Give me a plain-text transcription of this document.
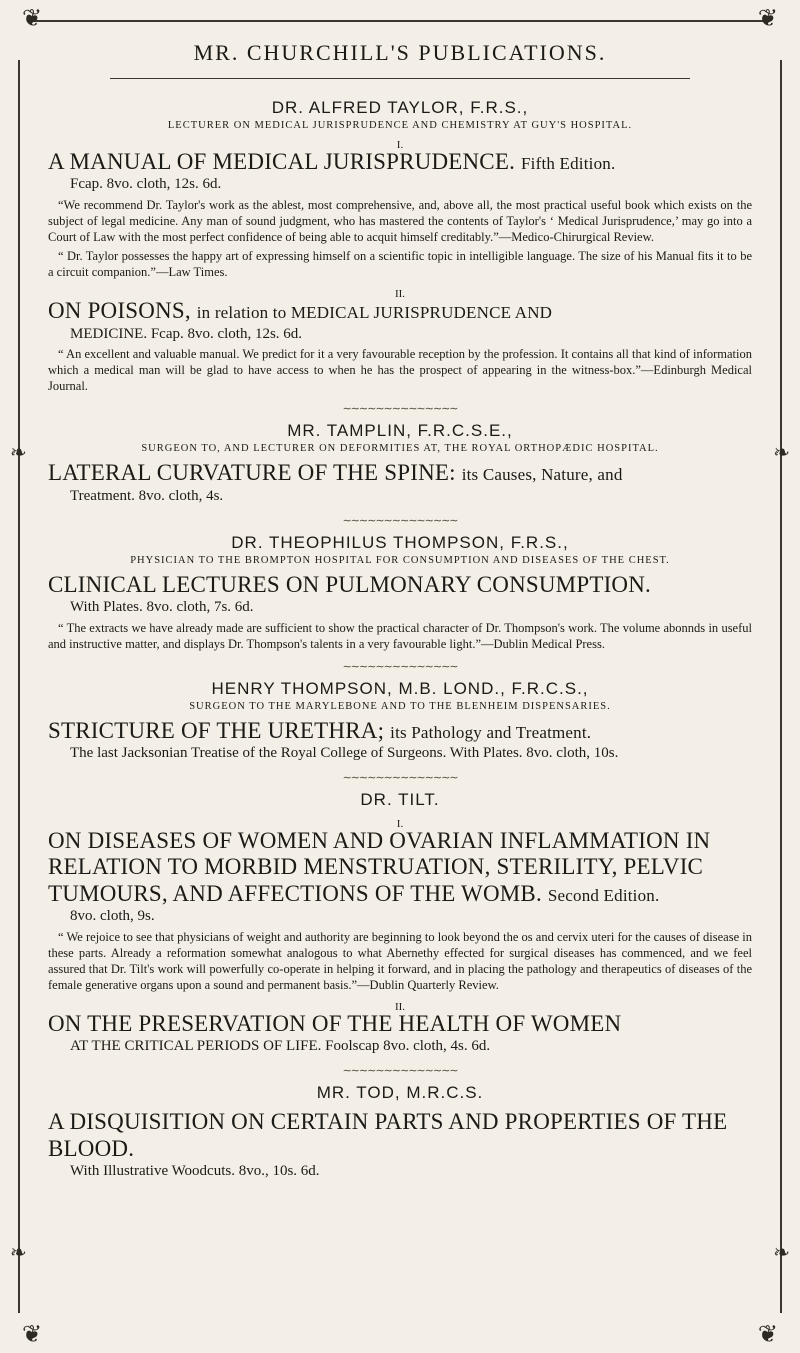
❦	❦
❧	❧
❧	❧
❦	❦
MR. CHURCHILL'S PUBLICATIONS.

DR. ALFRED TAYLOR, F.R.S.,

LECTURER ON MEDICAL JURISPRUDENCE AND CHEMISTRY AT GUY'S HOSPITAL.

I.

A MANUAL OF MEDICAL JURISPRUDENCE. Fifth Edition.

Fcap. 8vo. cloth, 12s. 6d.

“We recommend Dr. Taylor's work as the ablest, most comprehensive, and, above all, the most practical useful book which exists on the subject of legal medicine. Any man of sound judgment, who has mastered the contents of Taylor's ‘ Medical Jurisprudence,’ may go into a Court of Law with the most perfect confidence of being able to acquit himself creditably.”—Medico-Chirurgical Review.

“ Dr. Taylor possesses the happy art of expressing himself on a scientific topic in intelligible language. The size of his Manual fits it to be a circuit companion.”—Law Times.

II.

ON POISONS, in relation to MEDICAL JURISPRUDENCE AND

MEDICINE. Fcap. 8vo. cloth, 12s. 6d.

“ An excellent and valuable manual. We predict for it a very favourable reception by the profession. It contains all that kind of information which a medical man will be glad to have access to when he has the prospect of appearing in the witness-box.”—Edinburgh Medical Journal.

∼∼∼∼∼∼∼∼∼∼∼∼∼∼

MR. TAMPLIN, F.R.C.S.E.,

SURGEON TO, AND LECTURER ON DEFORMITIES AT, THE ROYAL ORTHOPÆDIC HOSPITAL.

LATERAL CURVATURE OF THE SPINE: its Causes, Nature, and

Treatment. 8vo. cloth, 4s.

∼∼∼∼∼∼∼∼∼∼∼∼∼∼

DR. THEOPHILUS THOMPSON, F.R.S.,

PHYSICIAN TO THE BROMPTON HOSPITAL FOR CONSUMPTION AND DISEASES OF THE CHEST.

CLINICAL LECTURES ON PULMONARY CONSUMPTION.

With Plates. 8vo. cloth, 7s. 6d.

“ The extracts we have already made are sufficient to show the practical character of Dr. Thompson's work. The volume abonnds in useful and instructive matter, and displays Dr. Thompson's talents in a very favourable light.”—Dublin Medical Press.

∼∼∼∼∼∼∼∼∼∼∼∼∼∼

HENRY THOMPSON, M.B. LOND., F.R.C.S.,

SURGEON TO THE MARYLEBONE AND TO THE BLENHEIM DISPENSARIES.

STRICTURE OF THE URETHRA; its Pathology and Treatment.

The last Jacksonian Treatise of the Royal College of Surgeons. With Plates. 8vo. cloth, 10s.

∼∼∼∼∼∼∼∼∼∼∼∼∼∼

DR. TILT.

I.

ON DISEASES OF WOMEN AND OVARIAN INFLAMMATION IN RELATION TO MORBID MENSTRUATION, STERILITY, PELVIC TUMOURS, AND AFFECTIONS OF THE WOMB. Second Edition.

8vo. cloth, 9s.

“ We rejoice to see that physicians of weight and authority are beginning to look beyond the os and cervix uteri for the causes of disease in these parts. Already a reformation somewhat analogous to what Abernethy effected for surgical diseases has commenced, and we feel assured that Dr. Tilt's work will powerfully co-operate in helping it forward, and in placing the pathology and therapeutics of diseases of the female generative organs upon a sound and permanent basis.”—Dublin Quarterly Review.

II.

ON THE PRESERVATION OF THE HEALTH OF WOMEN

AT THE CRITICAL PERIODS OF LIFE. Foolscap 8vo. cloth, 4s. 6d.

∼∼∼∼∼∼∼∼∼∼∼∼∼∼

MR. TOD, M.R.C.S.

A DISQUISITION ON CERTAIN PARTS AND PROPERTIES OF THE BLOOD.

With Illustrative Woodcuts. 8vo., 10s. 6d.
